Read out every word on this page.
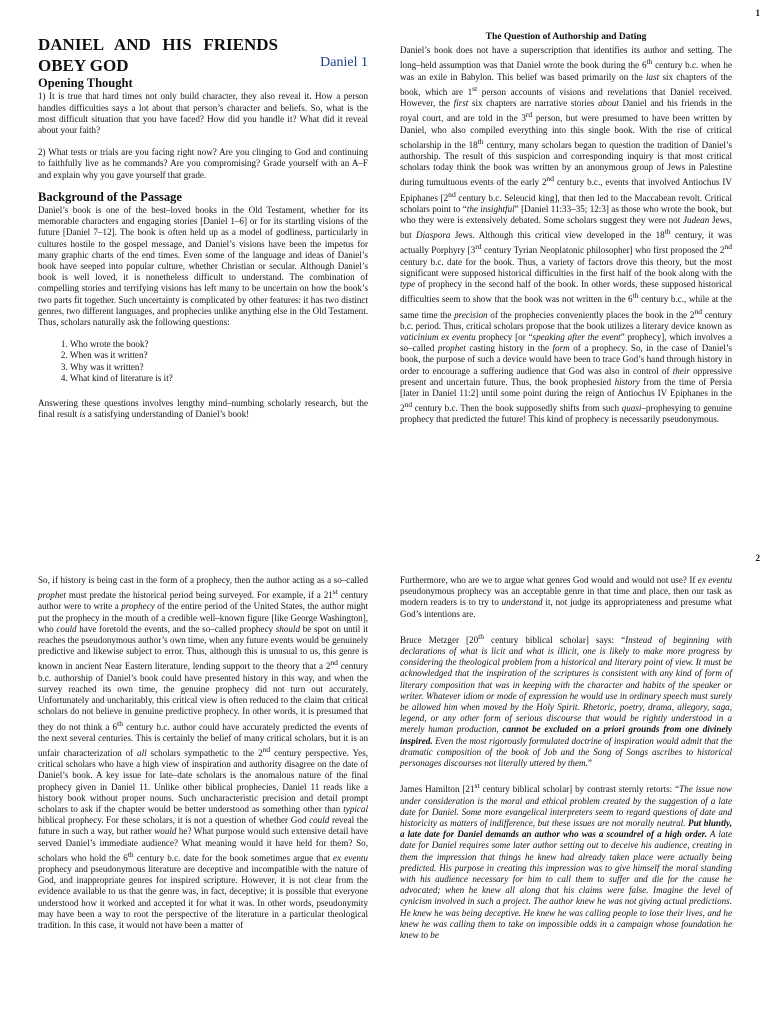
1
DANIEL AND HIS FRIENDS OBEY GOD	Daniel 1
Opening Thought

1) It is true that hard times not only build character, they also reveal it. How a person handles difficulties says a lot about that person’s character and beliefs. So, what is the most difficult situation that you have faced? How did you handle it? What did it reveal about your faith?

2) What tests or trials are you facing right now? Are you clinging to God and continuing to faithfully live as he commands? Are you compromising? Grade yourself with an A–F and explain why you gave yourself that grade.

Background of the Passage

Daniel’s book is one of the best–loved books in the Old Testament, whether for its memorable characters and engaging stories [Daniel 1–6] or for its startling visions of the future [Daniel 7–12]. The book is often held up as a model of godliness, particularly in cultures hostile to the gospel message, and Daniel’s visions have been the impetus for many graphic charts of the end times. Even some of the language and ideas of Daniel’s book have seeped into popular culture, whether Christian or secular. Although Daniel’s book is well loved, it is nonetheless difficult to understand. The combination of compelling stories and terrifying visions has left many to be uncertain on how the book’s two parts fit together. Such uncertainty is complicated by other features: it has two distinct genres, two different languages, and prophecies unlike anything else in the Old Testament. Thus, scholars naturally ask the following questions:

1. Who wrote the book?
2. When was it written?
3. Why was it written?
4. What kind of literature is it?

Answering these questions involves lengthy mind–numbing scholarly research, but the final result is a satisfying understanding of Daniel’s book!

The Question of Authorship and Dating

Daniel’s book does not have a superscription that identifies its author and setting. The long–held assumption was that Daniel wrote the book during the 6th century b.c. when he was an exile in Babylon. This belief was based primarily on the last six chapters of the book, which are 1st person accounts of visions and revelations that Daniel received. However, the first six chapters are narrative stories about Daniel and his friends in the royal court, and are told in the 3rd person, but were presumed to have been written by Daniel, who also compiled everything into this single book. With the rise of critical scholarship in the 18th century, many scholars began to question the tradition of Daniel’s authorship. The result of this suspicion and corresponding inquiry is that most critical scholars today think the book was written by an anonymous group of Jews in Palestine during tumultuous events of the early 2nd century b.c., events that involved Antiochus IV Epiphanes [2nd century b.c. Seleucid king], that then led to the Maccabean revolt. Critical scholars point to “the insightful” [Daniel 11:33–35; 12:3] as those who wrote the book, but who they were is extensively debated. Some scholars suggest they were not Judean Jews, but Diaspora Jews. Although this critical view developed in the 18th century, it was actually Porphyry [3rd century Tyrian Neoplatonic philosopher] who first proposed the 2nd century b.c. date for the book. Thus, a variety of factors drove this theory, but the most significant were supposed historical difficulties in the first half of the book along with the type of prophecy in the second half of the book. In other words, these supposed historical difficulties seem to show that the book was not written in the 6th century b.c., while at the same time the precision of the prophecies conveniently places the book in the 2nd century b.c. period. Thus, critical scholars propose that the book utilizes a literary device known as vaticinium ex eventu prophecy [or “speaking after the event” prophecy], which involves a so–called prophet casting history in the form of a prophecy. So, in the case of Daniel’s book, the purpose of such a device would have been to trace God’s hand through history in order to encourage a suffering audience that God was also in control of their oppressive present and uncertain future. Thus, the book prophesied history from the time of Persia [later in Daniel 11:2] until some point during the reign of Antiochus IV Epiphanes in the 2nd century b.c. Then the book supposedly shifts from such quasi–prophesying to genuine prophecy that predicted the future! This kind of prophecy is necessarily pseudonymous.

2

So, if history is being cast in the form of a prophecy, then the author acting as a so–called prophet must predate the historical period being surveyed. For example, if a 21st century author were to write a prophecy of the entire period of the United States, the author might put the prophecy in the mouth of a credible well–known figure [like George Washington], who could have foretold the events, and the so–called prophecy should be spot on until it reaches the pseudonymous author’s own time, when any future events would be genuinely predictive and likewise subject to error. Thus, although this is unusual to us, this genre is known in ancient Near Eastern literature, lending support to the theory that a 2nd century b.c. authorship of Daniel’s book could have presented history in this way, and when the survey reached its own time, the genuine prophecy did not turn out accurately. Unfortunately and uncharitably, this critical view is often reduced to the claim that critical scholars do not believe in genuine predictive prophecy. In other words, it is presumed that they do not think a 6th century b.c. author could have accurately predicted the events of the next several centuries. This is certainly the belief of many critical scholars, but it is an unfair characterization of all scholars sympathetic to the 2nd century perspective. Yes, critical scholars who have a high view of inspiration and authority disagree on the date of Daniel’s book. A key issue for late–date scholars is the anomalous nature of the final prophecy given in Daniel 11. Unlike other biblical prophecies, Daniel 11 reads like a history book without proper nouns. Such uncharacteristic precision and detail prompt scholars to ask if the chapter would be better understood as something other than typical biblical prophecy. For these scholars, it is not a question of whether God could reveal the future in such a way, but rather would he? What purpose would such extensive detail have served Daniel’s immediate audience? What meaning would it have held for them? So, scholars who hold the 6th century b.c. date for the book sometimes argue that ex eventu prophecy and pseudonymous literature are deceptive and incompatible with the nature of God, and inappropriate genres for inspired scripture. However, it is not clear from the evidence available to us that the genre was, in fact, deceptive; it is possible that everyone understood how it worked and accepted it for what it was. In other words, pseudonymity may have been a way to root the perspective of the literature in a particular theological tradition. In this case, it would not have been a matter of

Furthermore, who are we to argue what genres God would and would not use? If ex eventu pseudonymous prophecy was an acceptable genre in that time and place, then our task as modern readers is to try to understand it, not judge its appropriateness and presume what God’s intentions are.

Bruce Metzger [20th century biblical scholar] says: “Instead of beginning with declarations of what is licit and what is illicit, one is likely to make more progress by considering the theological problem from a historical and literary point of view. It must be acknowledged that the inspiration of the scriptures is consistent with any kind of form of literary composition that was in keeping with the character and habits of the speaker or writer. Whatever idiom or mode of expression he would use in ordinary speech must surely be allowed him when moved by the Holy Spirit. Rhetoric, poetry, drama, allegory, saga, legend, or any other form of serious discourse that would be rightly understood in a merely human production, cannot be excluded on a priori grounds from one divinely inspired. Even the most rigorously formulated doctrine of inspiration would admit that the dramatic composition of the book of Job and the Song of Songs ascribes to historical personages discourses not literally uttered by them.”

James Hamilton [21st century biblical scholar] by contrast sternly retorts: “The issue now under consideration is the moral and ethical problem created by the suggestion of a late date for Daniel. Some more evangelical interpreters seem to regard questions of date and historicity as matters of indifference, but these issues are not morally neutral. Put bluntly, a late date for Daniel demands an author who was a scoundrel of a high order. A late date for Daniel requires some later author setting out to deceive his audience, creating in them the impression that things he knew had already taken place were actually being predicted. His purpose in creating this impression was to give himself the moral standing with his audience necessary for him to call them to suffer and die for the cause he advocated; when he knew all along that his claims were false. Imagine the level of cynicism involved in such a project. The author knew he was not giving actual predictions. He knew he was being deceptive. He knew he was calling people to lose their lives, and he knew he was calling them to take on impossible odds in a campaign whose foundation he knew to be
